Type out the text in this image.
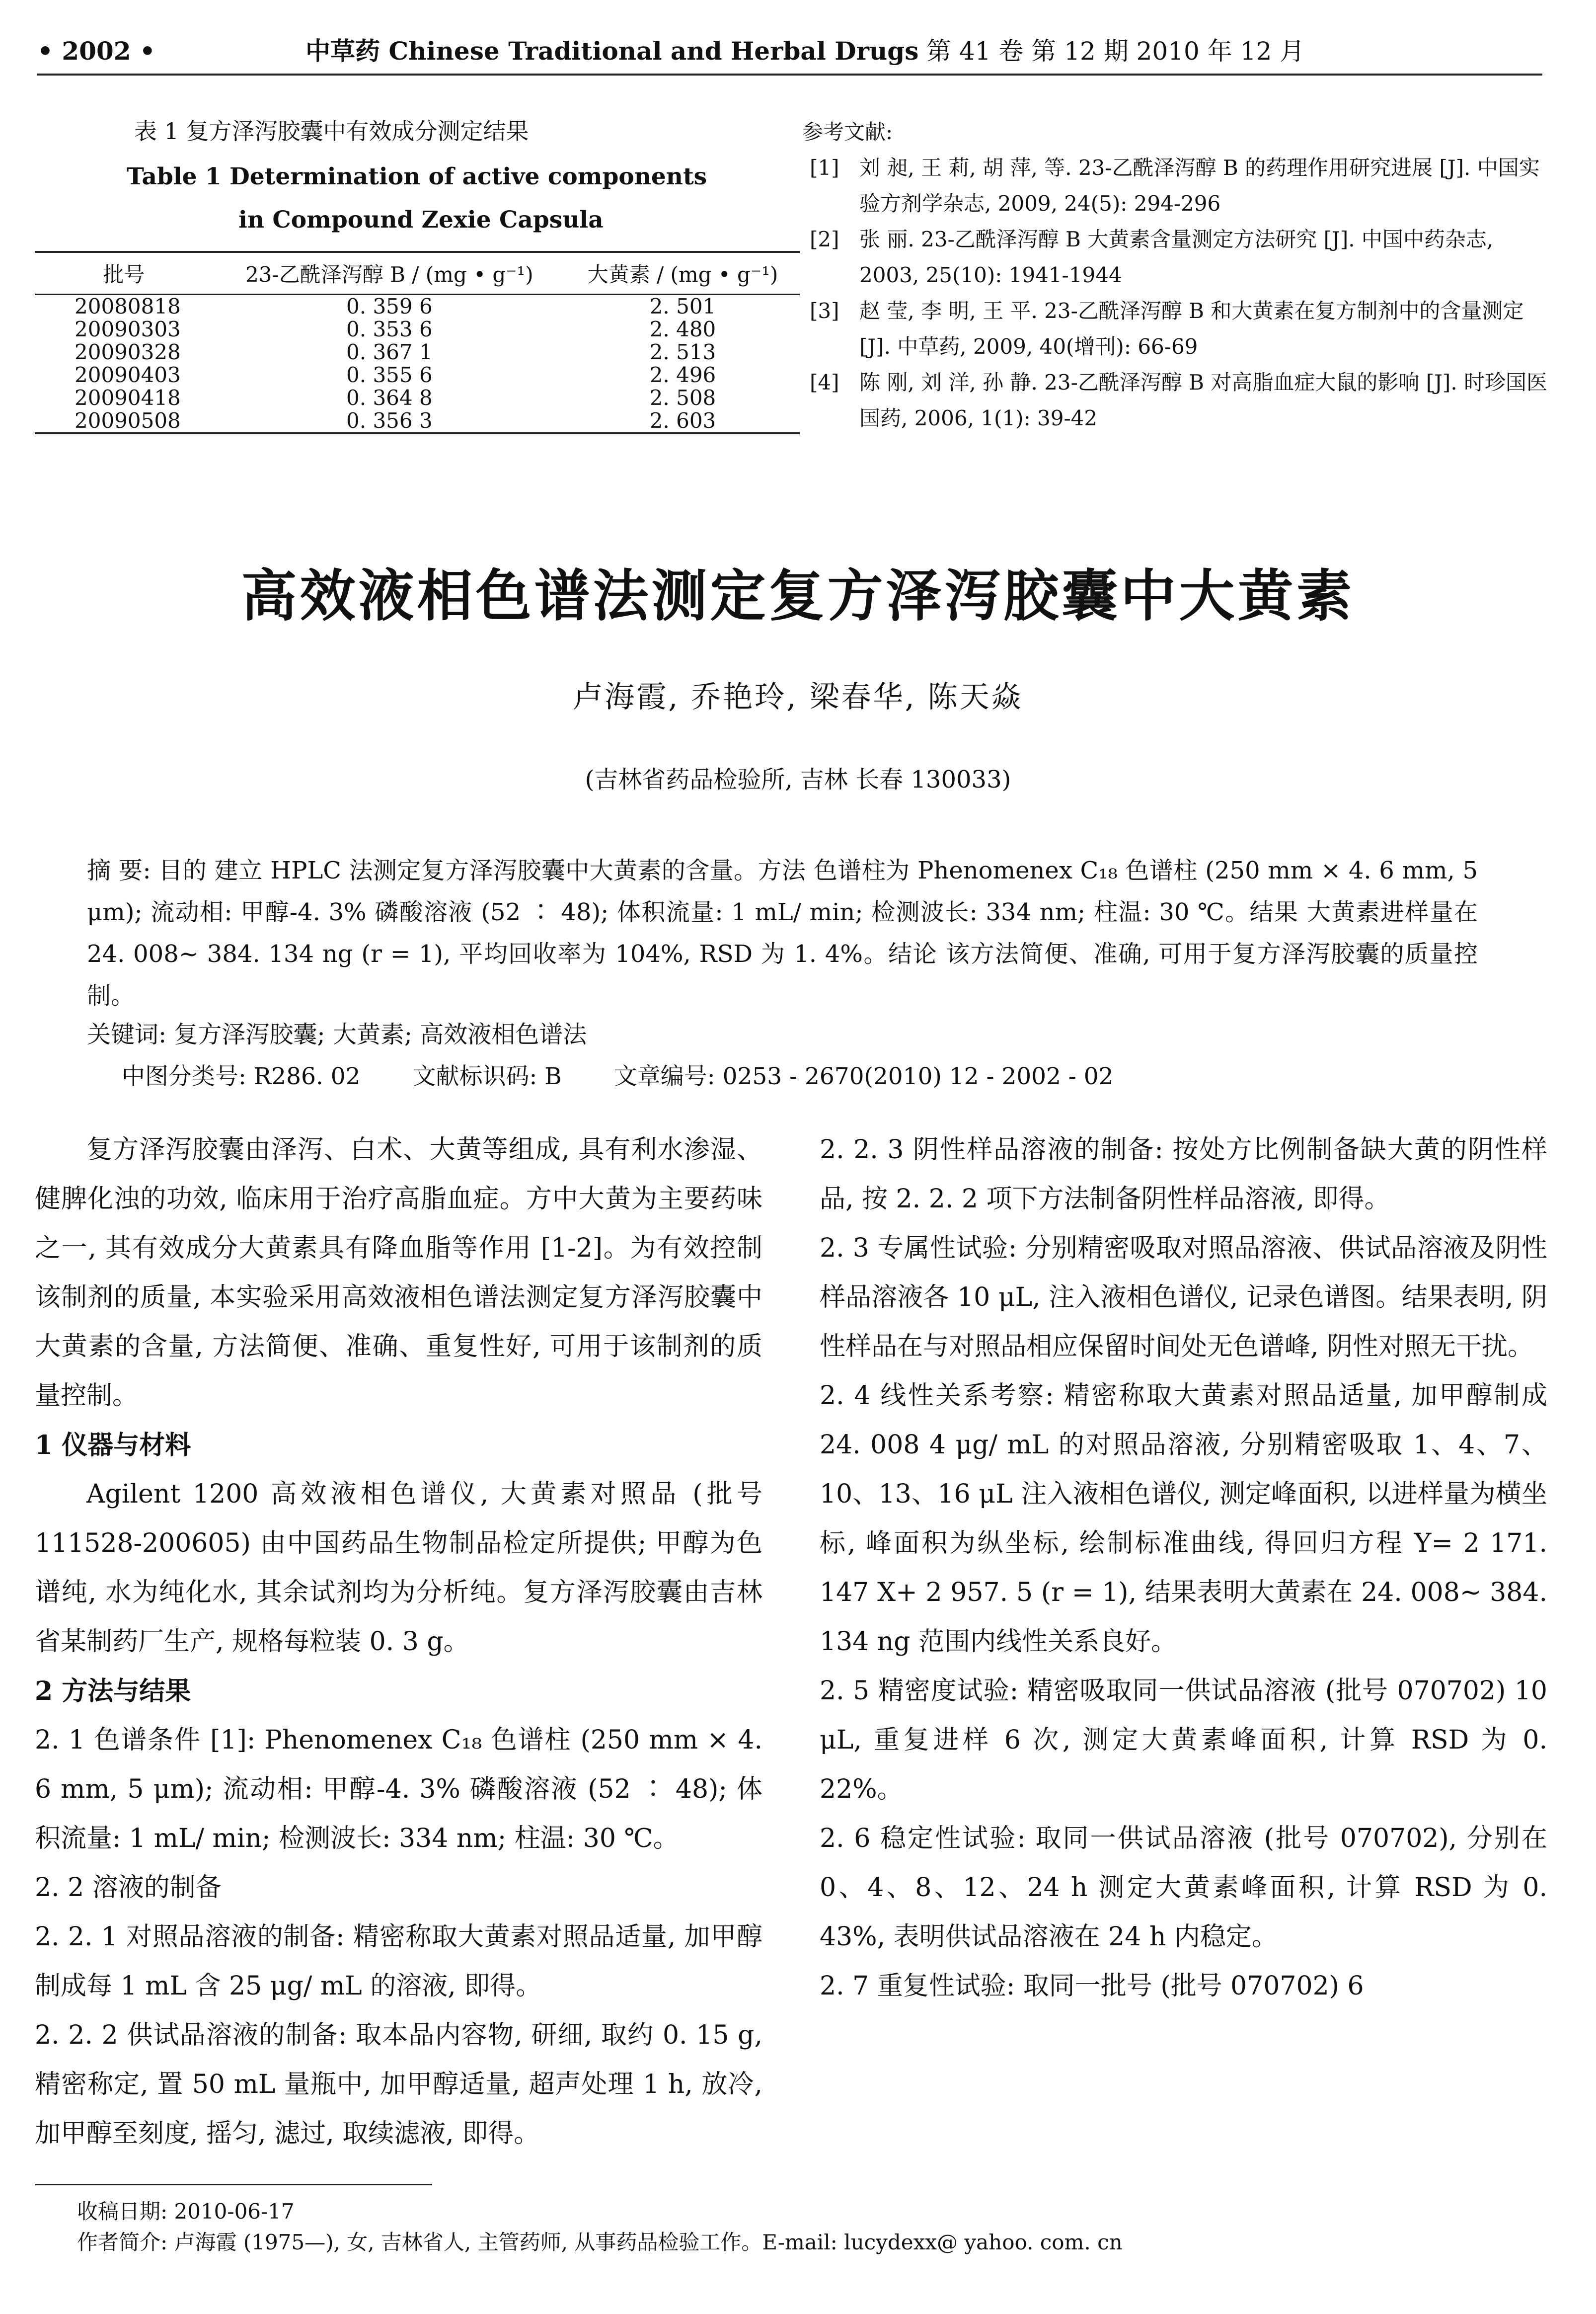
• 2002 •	中草药 Chinese Traditional and Herbal Drugs 第 41 卷 第 12 期 2010 年 12 月
表 1 复方泽泻胶囊中有效成分测定结果
Table 1 Determination of active components
in Compound Zexie Capsula
批号	23-乙酰泽泻醇 B / (mg • g⁻¹)	大黄素 / (mg • g⁻¹)
20080818	0. 359 6	2. 501
20090303	0. 353 6	2. 480
20090328	0. 367 1	2. 513
20090403	0. 355 6	2. 496
20090418	0. 364 8	2. 508
20090508	0. 356 3	2. 603
参考文献:
[1] 刘 昶, 王 莉, 胡 萍, 等. 23-乙酰泽泻醇 B 的药理作用研究进展 [J]. 中国实验方剂学杂志, 2009, 24(5): 294-296
[2] 张 丽. 23-乙酰泽泻醇 B 大黄素含量测定方法研究 [J]. 中国中药杂志, 2003, 25(10): 1941-1944
[3] 赵 莹, 李 明, 王 平. 23-乙酰泽泻醇 B 和大黄素在复方制剂中的含量测定 [J]. 中草药, 2009, 40(增刊): 66-69
[4] 陈 刚, 刘 洋, 孙 静. 23-乙酰泽泻醇 B 对高脂血症大鼠的影响 [J]. 时珍国医国药, 2006, 1(1): 39-42
高效液相色谱法测定复方泽泻胶囊中大黄素
卢海霞, 乔艳玲, 梁春华, 陈天焱
(吉林省药品检验所, 吉林 长春 130033)
摘 要: 目的 建立 HPLC 法测定复方泽泻胶囊中大黄素的含量。方法 色谱柱为 Phenomenex C₁₈ 色谱柱 (250 mm × 4. 6 mm, 5 μm); 流动相: 甲醇-4. 3% 磷酸溶液 (52 ∶ 48); 体积流量: 1 mL/ min; 检测波长: 334 nm; 柱温: 30 ℃。结果 大黄素进样量在 24. 008~ 384. 134 ng (r = 1), 平均回收率为 104%, RSD 为 1. 4%。结论 该方法简便、准确, 可用于复方泽泻胶囊的质量控制。
关键词: 复方泽泻胶囊; 大黄素; 高效液相色谱法
中图分类号: R286. 02 文献标识码: B 文章编号: 0253 - 2670(2010) 12 - 2002 - 02

复方泽泻胶囊由泽泻、白术、大黄等组成, 具有利水渗湿、健脾化浊的功效, 临床用于治疗高脂血症。方中大黄为主要药味之一, 其有效成分大黄素具有降血脂等作用 [1-2]。为有效控制该制剂的质量, 本实验采用高效液相色谱法测定复方泽泻胶囊中大黄素的含量, 方法简便、准确、重复性好, 可用于该制剂的质量控制。

1 仪器与材料

Agilent 1200 高效液相色谱仪, 大黄素对照品 (批号 111528-200605) 由中国药品生物制品检定所提供; 甲醇为色谱纯, 水为纯化水, 其余试剂均为分析纯。复方泽泻胶囊由吉林省某制药厂生产, 规格每粒装 0. 3 g。

2 方法与结果

2. 1 色谱条件 [1]: Phenomenex C₁₈ 色谱柱 (250 mm × 4. 6 mm, 5 μm); 流动相: 甲醇-4. 3% 磷酸溶液 (52 ∶ 48); 体积流量: 1 mL/ min; 检测波长: 334 nm; 柱温: 30 ℃。

2. 2 溶液的制备

2. 2. 1 对照品溶液的制备: 精密称取大黄素对照品适量, 加甲醇制成每 1 mL 含 25 μg/ mL 的溶液, 即得。

2. 2. 2 供试品溶液的制备: 取本品内容物, 研细, 取约 0. 15 g, 精密称定, 置 50 mL 量瓶中, 加甲醇适量, 超声处理 1 h, 放冷, 加甲醇至刻度, 摇匀, 滤过, 取续滤液, 即得。

2. 2. 3 阴性样品溶液的制备: 按处方比例制备缺大黄的阴性样品, 按 2. 2. 2 项下方法制备阴性样品溶液, 即得。

2. 3 专属性试验: 分别精密吸取对照品溶液、供试品溶液及阴性样品溶液各 10 μL, 注入液相色谱仪, 记录色谱图。结果表明, 阴性样品在与对照品相应保留时间处无色谱峰, 阴性对照无干扰。

2. 4 线性关系考察: 精密称取大黄素对照品适量, 加甲醇制成 24. 008 4 μg/ mL 的对照品溶液, 分别精密吸取 1、4、7、10、13、16 μL 注入液相色谱仪, 测定峰面积, 以进样量为横坐标, 峰面积为纵坐标, 绘制标准曲线, 得回归方程 Y= 2 171. 147 X+ 2 957. 5 (r = 1), 结果表明大黄素在 24. 008~ 384. 134 ng 范围内线性关系良好。

2. 5 精密度试验: 精密吸取同一供试品溶液 (批号 070702) 10 μL, 重复进样 6 次, 测定大黄素峰面积, 计算 RSD 为 0. 22%。

2. 6 稳定性试验: 取同一供试品溶液 (批号 070702), 分别在 0、4、8、12、24 h 测定大黄素峰面积, 计算 RSD 为 0. 43%, 表明供试品溶液在 24 h 内稳定。

2. 7 重复性试验: 取同一批号 (批号 070702) 6

收稿日期: 2010-06-17
作者简介: 卢海霞 (1975—), 女, 吉林省人, 主管药师, 从事药品检验工作。E-mail: lucydexx@ yahoo. com. cn
